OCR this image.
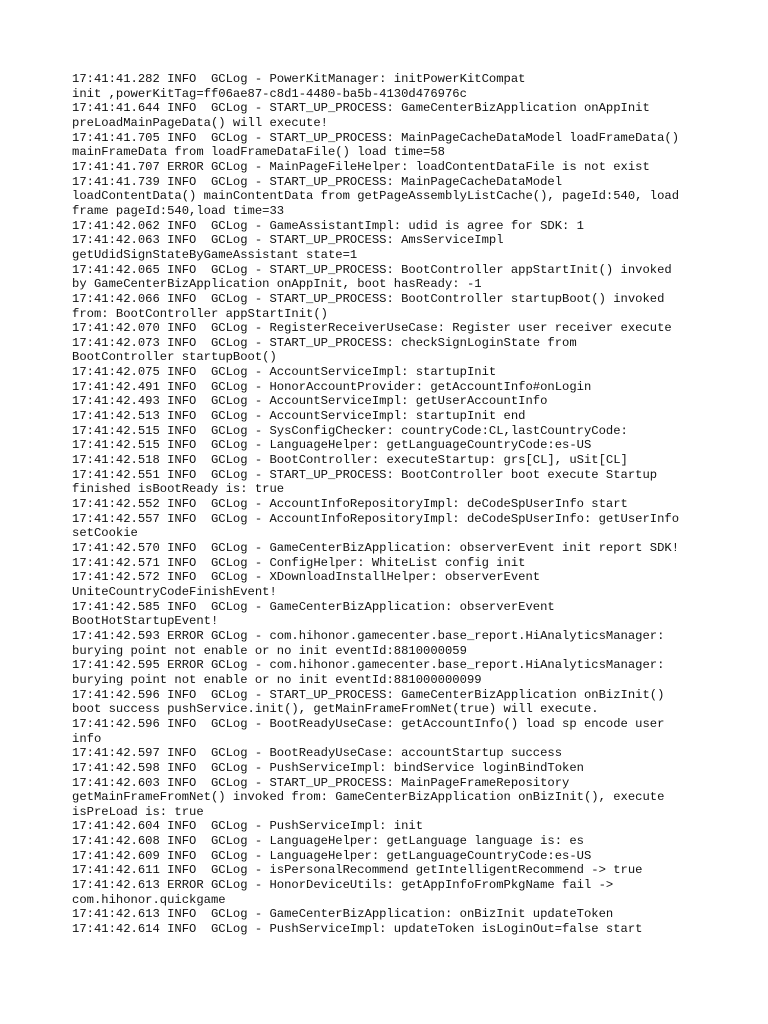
17:41:41.282 INFO  GCLog - PowerKitManager: initPowerKitCompat
init ,powerKitTag=ff06ae87-c8d1-4480-ba5b-4130d476976c
17:41:41.644 INFO  GCLog - START_UP_PROCESS: GameCenterBizApplication onAppInit
preLoadMainPageData() will execute!
17:41:41.705 INFO  GCLog - START_UP_PROCESS: MainPageCacheDataModel loadFrameData()
mainFrameData from loadFrameDataFile() load time=58
17:41:41.707 ERROR GCLog - MainPageFileHelper: loadContentDataFile is not exist
17:41:41.739 INFO  GCLog - START_UP_PROCESS: MainPageCacheDataModel
loadContentData() mainContentData from getPageAssemblyListCache(), pageId:540, load
frame pageId:540,load time=33
17:41:42.062 INFO  GCLog - GameAssistantImpl: udid is agree for SDK: 1
17:41:42.063 INFO  GCLog - START_UP_PROCESS: AmsServiceImpl
getUdidSignStateByGameAssistant state=1
17:41:42.065 INFO  GCLog - START_UP_PROCESS: BootController appStartInit() invoked
by GameCenterBizApplication onAppInit, boot hasReady: -1
17:41:42.066 INFO  GCLog - START_UP_PROCESS: BootController startupBoot() invoked
from: BootController appStartInit()
17:41:42.070 INFO  GCLog - RegisterReceiverUseCase: Register user receiver execute
17:41:42.073 INFO  GCLog - START_UP_PROCESS: checkSignLoginState from
BootController startupBoot()
17:41:42.075 INFO  GCLog - AccountServiceImpl: startupInit
17:41:42.491 INFO  GCLog - HonorAccountProvider: getAccountInfo#onLogin
17:41:42.493 INFO  GCLog - AccountServiceImpl: getUserAccountInfo
17:41:42.513 INFO  GCLog - AccountServiceImpl: startupInit end
17:41:42.515 INFO  GCLog - SysConfigChecker: countryCode:CL,lastCountryCode:
17:41:42.515 INFO  GCLog - LanguageHelper: getLanguageCountryCode:es-US
17:41:42.518 INFO  GCLog - BootController: executeStartup: grs[CL], uSit[CL]
17:41:42.551 INFO  GCLog - START_UP_PROCESS: BootController boot execute Startup
finished isBootReady is: true
17:41:42.552 INFO  GCLog - AccountInfoRepositoryImpl: deCodeSpUserInfo start
17:41:42.557 INFO  GCLog - AccountInfoRepositoryImpl: deCodeSpUserInfo: getUserInfo
setCookie
17:41:42.570 INFO  GCLog - GameCenterBizApplication: observerEvent init report SDK!
17:41:42.571 INFO  GCLog - ConfigHelper: WhiteList config init
17:41:42.572 INFO  GCLog - XDownloadInstallHelper: observerEvent
UniteCountryCodeFinishEvent!
17:41:42.585 INFO  GCLog - GameCenterBizApplication: observerEvent
BootHotStartupEvent!
17:41:42.593 ERROR GCLog - com.hihonor.gamecenter.base_report.HiAnalyticsManager:
burying point not enable or no init eventId:8810000059
17:41:42.595 ERROR GCLog - com.hihonor.gamecenter.base_report.HiAnalyticsManager:
burying point not enable or no init eventId:881000000099
17:41:42.596 INFO  GCLog - START_UP_PROCESS: GameCenterBizApplication onBizInit()
boot success pushService.init(), getMainFrameFromNet(true) will execute.
17:41:42.596 INFO  GCLog - BootReadyUseCase: getAccountInfo() load sp encode user
info
17:41:42.597 INFO  GCLog - BootReadyUseCase: accountStartup success
17:41:42.598 INFO  GCLog - PushServiceImpl: bindService loginBindToken
17:41:42.603 INFO  GCLog - START_UP_PROCESS: MainPageFrameRepository
getMainFrameFromNet() invoked from: GameCenterBizApplication onBizInit(), execute
isPreLoad is: true
17:41:42.604 INFO  GCLog - PushServiceImpl: init
17:41:42.608 INFO  GCLog - LanguageHelper: getLanguage language is: es
17:41:42.609 INFO  GCLog - LanguageHelper: getLanguageCountryCode:es-US
17:41:42.611 INFO  GCLog - isPersonalRecommend getIntelligentRecommend -> true
17:41:42.613 ERROR GCLog - HonorDeviceUtils: getAppInfoFromPkgName fail ->
com.hihonor.quickgame
17:41:42.613 INFO  GCLog - GameCenterBizApplication: onBizInit updateToken
17:41:42.614 INFO  GCLog - PushServiceImpl: updateToken isLoginOut=false start
